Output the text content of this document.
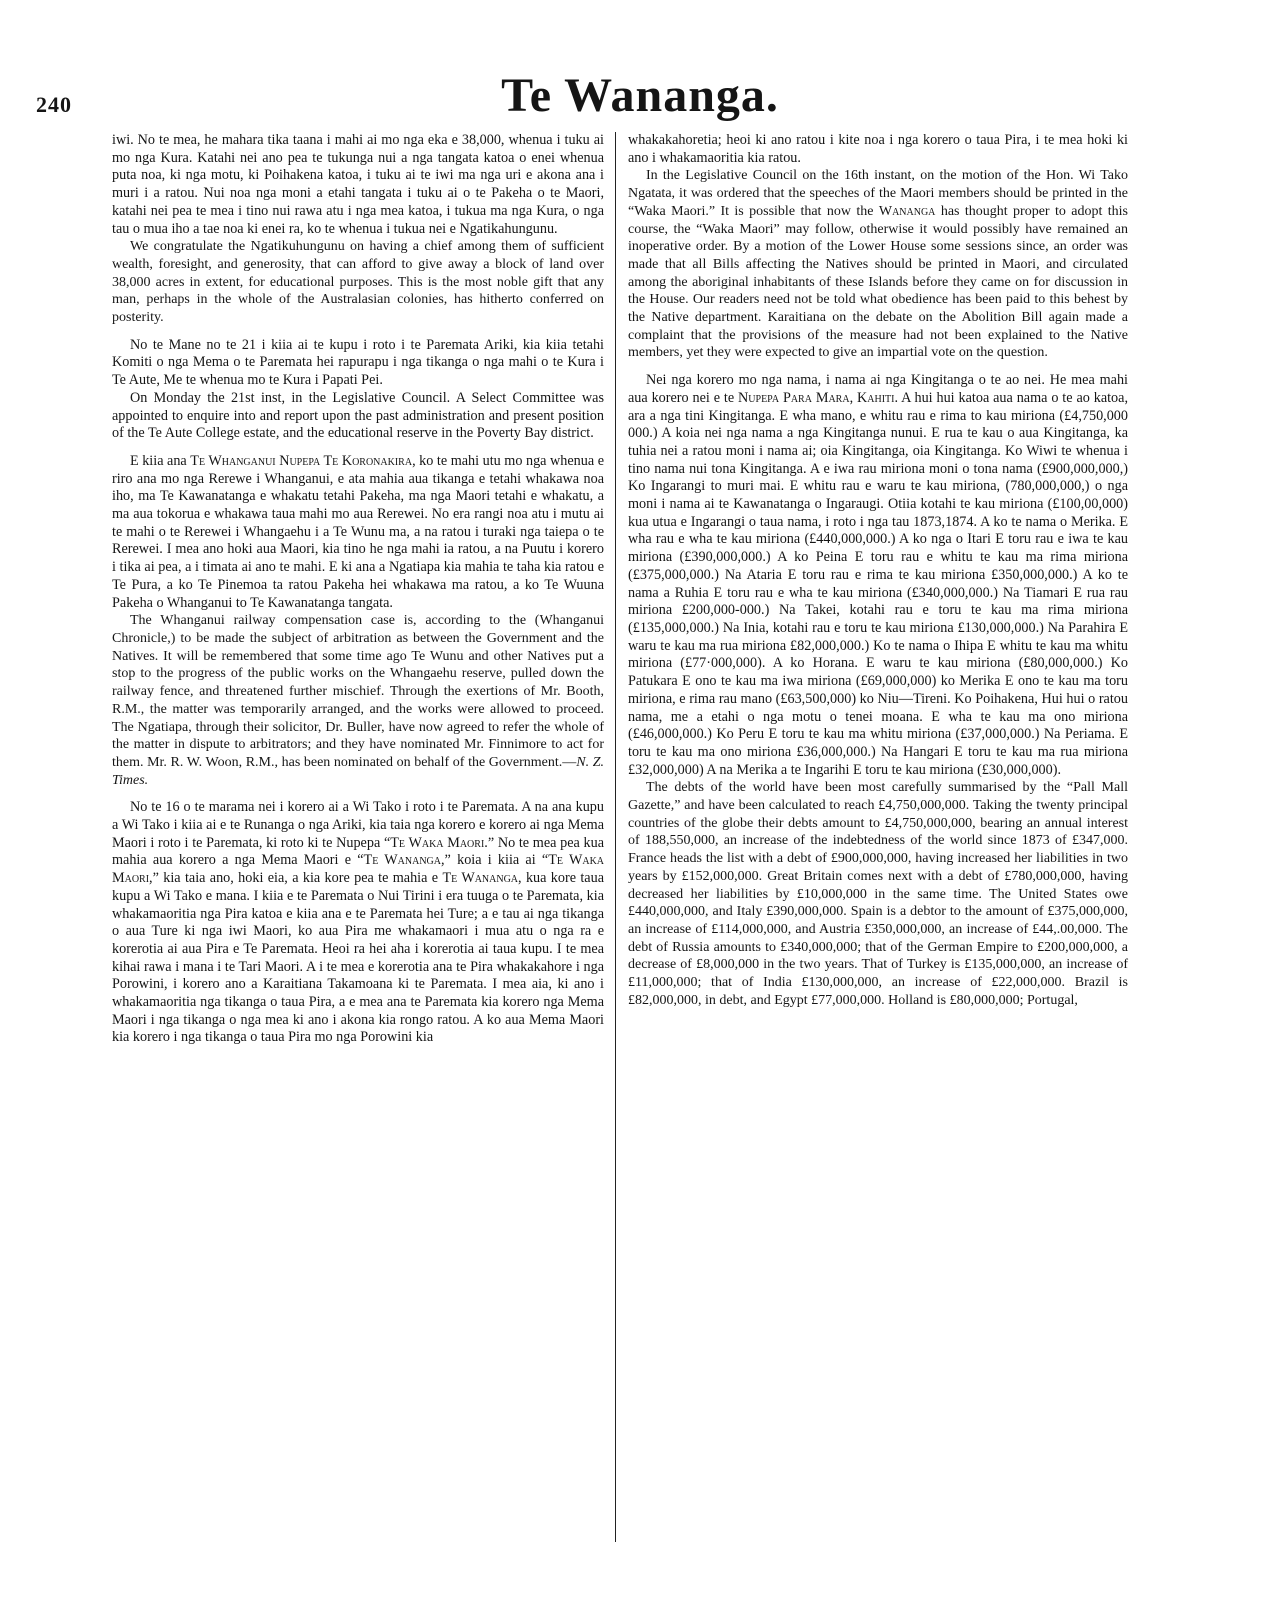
240	Te Wananga.

iwi. No te mea, he mahara tika taana i mahi ai mo nga eka e 38,000, whenua i tuku ai mo nga Kura. Katahi nei ano pea te tukunga nui a nga tangata katoa o enei whenua puta noa, ki nga motu, ki Poihakena katoa, i tuku ai te iwi ma nga uri e akona ana i muri i a ratou. Nui noa nga moni a etahi tangata i tuku ai o te Pakeha o te Maori, katahi nei pea te mea i tino nui rawa atu i nga mea katoa, i tukua ma nga Kura, o nga tau o mua iho a tae noa ki enei ra, ko te whenua i tukua nei e Ngatikahungunu.

We congratulate the Ngatikuhungunu on having a chief among them of sufficient wealth, foresight, and generosity, that can afford to give away a block of land over 38,000 acres in extent, for educational purposes. This is the most noble gift that any man, perhaps in the whole of the Australasian colonies, has hitherto conferred on posterity.

No te Mane no te 21 i kiia ai te kupu i roto i te Paremata Ariki, kia kiia tetahi Komiti o nga Mema o te Paremata hei rapurapu i nga tikanga o nga mahi o te Kura i Te Aute, Me te whenua mo te Kura i Papati Pei.

On Monday the 21st inst, in the Legislative Council. A Select Committee was appointed to enquire into and report upon the past administration and present position of the Te Aute College estate, and the educational reserve in the Poverty Bay district.

E kiia ana Te Whanganui Nupepa Te Koronakira, ko te mahi utu mo nga whenua e riro ana mo nga Rerewe i Whanganui, e ata mahia aua tikanga e tetahi whakawa noa iho, ma Te Kawanatanga e whakatu tetahi Pakeha, ma nga Maori tetahi e whakatu, a ma aua tokorua e whakawa taua mahi mo aua Rerewei. No era rangi noa atu i mutu ai te mahi o te Rerewei i Whangaehu i a Te Wunu ma, a na ratou i turaki nga taiepa o te Rerewei. I mea ano hoki aua Maori, kia tino he nga mahi ia ratou, a na Puutu i korero i tika ai pea, a i timata ai ano te mahi. E ki ana a Ngatiapa kia mahia te taha kia ratou e Te Pura, a ko Te Pinemoa ta ratou Pakeha hei whakawa ma ratou, a ko Te Wuuna Pakeha o Whanganui to Te Kawanatanga tangata.

The Whanganui railway compensation case is, according to the (Whanganui Chronicle,) to be made the subject of arbitration as between the Government and the Natives. It will be remembered that some time ago Te Wunu and other Natives put a stop to the progress of the public works on the Whangaehu reserve, pulled down the railway fence, and threatened further mischief. Through the exertions of Mr. Booth, R.M., the matter was temporarily arranged, and the works were allowed to proceed. The Ngatiapa, through their solicitor, Dr. Buller, have now agreed to refer the whole of the matter in dispute to arbitrators; and they have nominated Mr. Finnimore to act for them. Mr. R. W. Woon, R.M., has been nominated on behalf of the Government.—N. Z. Times.

No te 16 o te marama nei i korero ai a Wi Tako i roto i te Paremata. A na ana kupu a Wi Tako i kiia ai e te Runanga o nga Ariki, kia taia nga korero e korero ai nga Mema Maori i roto i te Paremata, ki roto ki te Nupepa “Te Waka Maori.” No te mea pea kua mahia aua korero a nga Mema Maori e “Te Wananga,” koia i kiia ai “Te Waka Maori,” kia taia ano, hoki eia, a kia kore pea te mahia e Te Wananga, kua kore taua kupu a Wi Tako e mana. I kiia e te Paremata o Nui Tirini i era tuuga o te Paremata, kia whakamaoritia nga Pira katoa e kiia ana e te Paremata hei Ture; a e tau ai nga tikanga o aua Ture ki nga iwi Maori, ko aua Pira me whakamaori i mua atu o nga ra e korerotia ai aua Pira e Te Paremata. Heoi ra hei aha i korerotia ai taua kupu. I te mea kihai rawa i mana i te Tari Maori. A i te mea e korerotia ana te Pira whakakahore i nga Porowini, i korero ano a Karaitiana Takamoana ki te Paremata. I mea aia, ki ano i whakamaoritia nga tikanga o taua Pira, a e mea ana te Paremata kia korero nga Mema Maori i nga tikanga o nga mea ki ano i akona kia rongo ratou. A ko aua Mema Maori kia korero i nga tikanga o taua Pira mo nga Porowini kia

whakakahoretia; heoi ki ano ratou i kite noa i nga korero o taua Pira, i te mea hoki ki ano i whakamaoritia kia ratou.

In the Legislative Council on the 16th instant, on the motion of the Hon. Wi Tako Ngatata, it was ordered that the speeches of the Maori members should be printed in the “Waka Maori.” It is possible that now the Wananga has thought proper to adopt this course, the “Waka Maori” may follow, otherwise it would possibly have remained an inoperative order. By a motion of the Lower House some sessions since, an order was made that all Bills affecting the Natives should be printed in Maori, and circulated among the aboriginal inhabitants of these Islands before they came on for discussion in the House. Our readers need not be told what obedience has been paid to this behest by the Native department. Karaitiana on the debate on the Abolition Bill again made a complaint that the provisions of the measure had not been explained to the Native members, yet they were expected to give an impartial vote on the question.

Nei nga korero mo nga nama, i nama ai nga Kingitanga o te ao nei. He mea mahi aua korero nei e te Nupepa Para Mara, Kahiti. A hui hui katoa aua nama o te ao katoa, ara a nga tini Kingitanga. E wha mano, e whitu rau e rima to kau miriona (£4,750,000 000.) A koia nei nga nama a nga Kingitanga nunui. E rua te kau o aua Kingitanga, ka tuhia nei a ratou moni i nama ai; oia Kingitanga, oia Kingitanga. Ko Wiwi te whenua i tino nama nui tona Kingitanga. A e iwa rau miriona moni o tona nama (£900,000,000,) Ko Ingarangi to muri mai. E whitu rau e waru te kau miriona, (780,000,000,) o nga moni i nama ai te Kawanatanga o Ingaraugi. Otiia kotahi te kau miriona (£100,00,000) kua utua e Ingarangi o taua nama, i roto i nga tau 1873,1874. A ko te nama o Merika. E wha rau e wha te kau miriona (£440,000,000.) A ko nga o Itari E toru rau e iwa te kau miriona (£390,000,000.) A ko Peina E toru rau e whitu te kau ma rima miriona (£375,000,000.) Na Ataria E toru rau e rima te kau miriona £350,000,000.) A ko te nama a Ruhia E toru rau e wha te kau miriona (£340,000,000.) Na Tiamari E rua rau miriona £200,000-000.) Na Takei, kotahi rau e toru te kau ma rima miriona (£135,000,000.) Na Inia, kotahi rau e toru te kau miriona £130,000,000.) Na Parahira E waru te kau ma rua miriona £82,000,000.) Ko te nama o Ihipa E whitu te kau ma whitu miriona (£77·000,000). A ko Horana. E waru te kau miriona (£80,000,000.) Ko Patukara E ono te kau ma iwa miriona (£69,000,000) ko Merika E ono te kau ma toru miriona, e rima rau mano (£63,500,000) ko Niu—Tireni. Ko Poihakena, Hui hui o ratou nama, me a etahi o nga motu o tenei moana. E wha te kau ma ono miriona (£46,000,000.) Ko Peru E toru te kau ma whitu miriona (£37,000,000.) Na Periama. E toru te kau ma ono miriona £36,000,000.) Na Hangari E toru te kau ma rua miriona £32,000,000) A na Merika a te Ingarihi E toru te kau miriona (£30,000,000).

The debts of the world have been most carefully summarised by the “Pall Mall Gazette,” and have been calculated to reach £4,750,000,000. Taking the twenty principal countries of the globe their debts amount to £4,750,000,000, bearing an annual interest of 188,550,000, an increase of the indebtedness of the world since 1873 of £347,000. France heads the list with a debt of £900,000,000, having increased her liabilities in two years by £152,000,000. Great Britain comes next with a debt of £780,000,000, having decreased her liabilities by £10,000,000 in the same time. The United States owe £440,000,000, and Italy £390,000,000. Spain is a debtor to the amount of £375,000,000, an increase of £114,000,000, and Austria £350,000,000, an increase of £44,.00,000. The debt of Russia amounts to £340,000,000; that of the German Empire to £200,000,000, a decrease of £8,000,000 in the two years. That of Turkey is £135,000,000, an increase of £11,000,000; that of India £130,000,000, an increase of £22,000,000. Brazil is £82,000,000, in debt, and Egypt £77,000,000. Holland is £80,000,000; Portugal,
